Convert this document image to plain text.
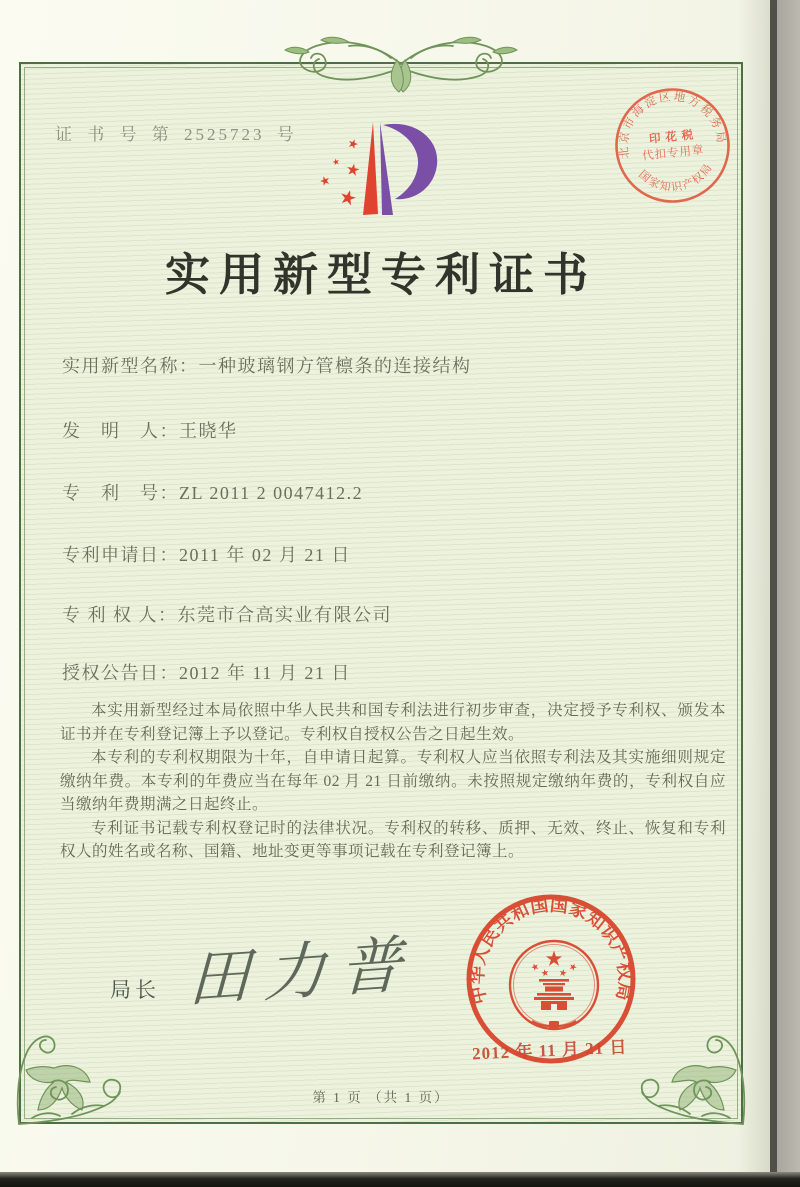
证 书 号 第 2525723 号
北京市海淀区地方税务局
印 花 税
代扣专用章
国家知识产权局
实用新型专利证书
实用新型名称：一种玻璃钢方管檩条的连接结构
发　明　人：王晓华
专　利　号：ZL 2011 2 0047412.2
专利申请日：2011 年 02 月 21 日
专 利 权 人：东莞市合高实业有限公司
授权公告日：2012 年 11 月 21 日

本实用新型经过本局依照中华人民共和国专利法进行初步审查，决定授予专利权、颁发本证书并在专利登记簿上予以登记。专利权自授权公告之日起生效。

本专利的专利权期限为十年，自申请日起算。专利权人应当依照专利法及其实施细则规定缴纳年费。本专利的年费应当在每年 02 月 21 日前缴纳。未按照规定缴纳年费的，专利权自应当缴纳年费期满之日起终止。

专利证书记载专利权登记时的法律状况。专利权的转移、质押、无效、终止、恢复和专利权人的姓名或名称、国籍、地址变更等事项记载在专利登记簿上。

局长 田力普	中华人民共和国国家知识产权局
2012 年 11 月 21 日
第 1 页 （共 1 页）
